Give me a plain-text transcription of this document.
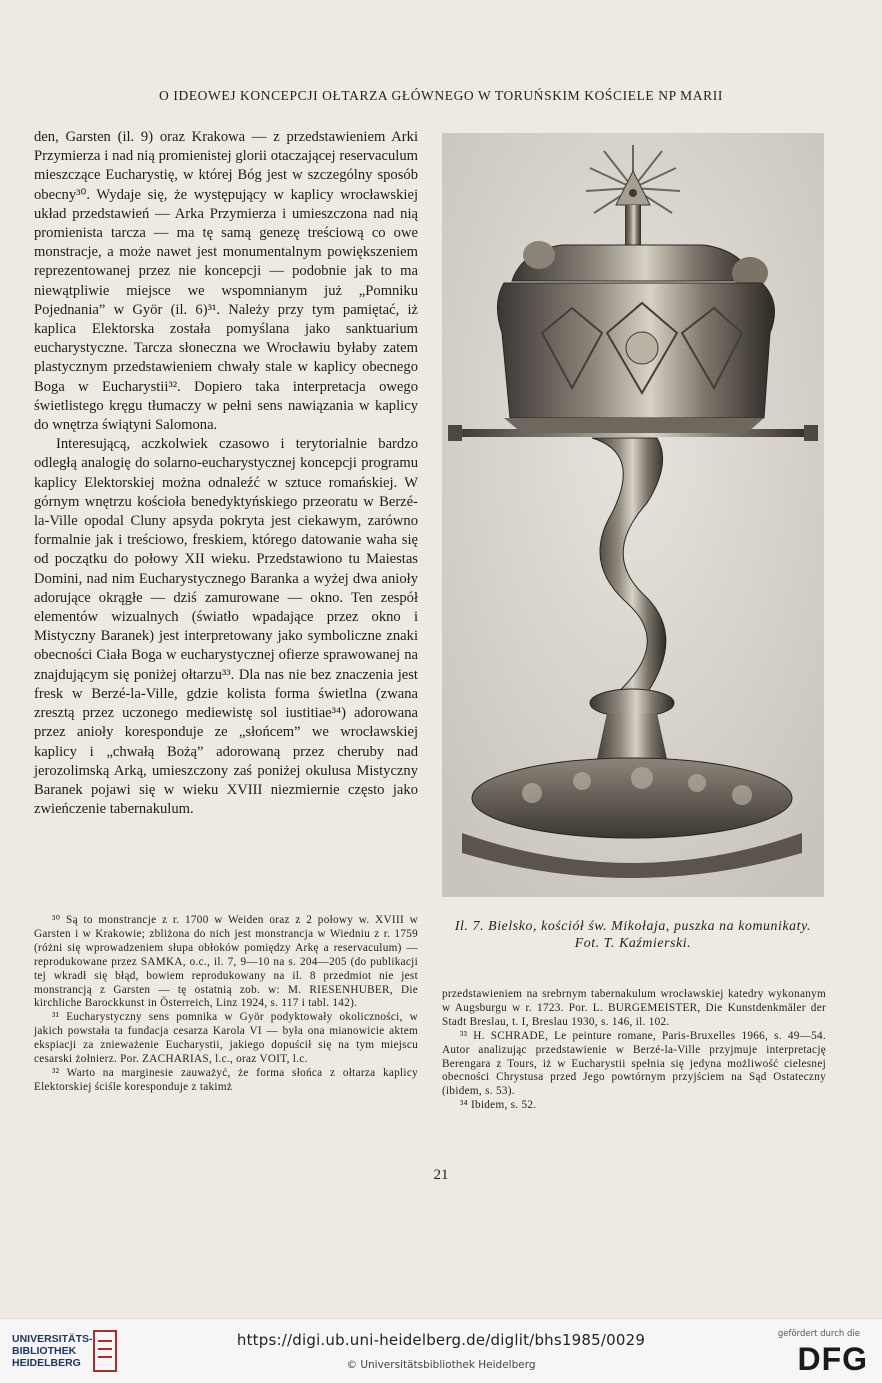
O IDEOWEJ KONCEPCJI OŁTARZA GŁÓWNEGO W TORUŃSKIM KOŚCIELE NP MARII

den, Garsten (il. 9) oraz Krakowa — z przedstawieniem Arki Przymierza i nad nią promienistej glorii otaczającej reservaculum mieszczące Eucharystię, w której Bóg jest w szczególny sposób obecny³⁰. Wydaje się, że występujący w kaplicy wrocławskiej układ przedstawień — Arka Przymierza i umieszczona nad nią promienista tarcza — ma tę samą genezę treściową co owe monstracje, a może nawet jest monumentalnym powiększeniem reprezentowanej przez nie koncepcji — podobnie jak to ma niewątpliwie miejsce we wspomnianym już „Pomniku Pojednania” w Györ (il. 6)³¹. Należy przy tym pamiętać, iż kaplica Elektorska została pomyślana jako sanktuarium eucharystyczne. Tarcza słoneczna we Wrocławiu byłaby zatem plastycznym przedstawieniem chwały stale w kaplicy obecnego Boga w Eucharystii³². Dopiero taka interpretacja owego świetlistego kręgu tłumaczy w pełni sens nawiązania w kaplicy do wnętrza świątyni Salomona.

Interesującą, aczkolwiek czasowo i terytorialnie bardzo odległą analogię do solarno-eucharystycznej koncepcji programu kaplicy Elektorskiej można odnaleźć w sztuce romańskiej. W górnym wnętrzu kościoła benedyktyńskiego przeoratu w Berzé-la-Ville opodal Cluny apsyda pokryta jest ciekawym, zarówno formalnie jak i treściowo, freskiem, którego datowanie waha się od początku do połowy XII wieku. Przedstawiono tu Maiestas Domini, nad nim Eucharystycznego Baranka a wyżej dwa anioły adorujące okrągłe — dziś zamurowane — okno. Ten zespół elementów wizualnych (światło wpadające przez okno i Mistyczny Baranek) jest interpretowany jako symboliczne znaki obecności Ciała Boga w eucharystycznej ofierze sprawowanej na znajdującym się poniżej ołtarzu³³. Dla nas nie bez znaczenia jest fresk w Berzé-la-Ville, gdzie kolista forma świetlna (zwana zresztą przez uczonego mediewistę sol iustitiae³⁴) adorowana przez anioły koresponduje ze „słońcem” we wrocławskiej kaplicy i „chwałą Bożą” adorowaną przez cheruby nad jerozolimską Arką, umieszczony zaś poniżej okulusa Mistyczny Baranek pojawi się w wieku XVIII niezmiernie często jako zwieńczenie tabernakulum.

Il. 7. Bielsko, kościół św. Mikołaja, puszka na komunikaty. Fot. T. Kaźmierski.

³⁰ Są to monstrancje z r. 1700 w Weiden oraz z 2 połowy w. XVIII w Garsten i w Krakowie; zbliżona do nich jest monstrancja w Wiedniu z r. 1759 (różni się wprowadzeniem słupa obłoków pomiędzy Arkę a reservaculum) — reprodukowane przez SAMKA, o.c., il. 7, 9—10 na s. 204—205 (do publikacji tej wkradł się błąd, bowiem reprodukowany na il. 8 przedmiot nie jest monstrancją z Garsten — tę ostatnią zob. w: M. RIESENHUBER, Die kirchliche Barockkunst in Österreich, Linz 1924, s. 117 i tabl. 142).

³¹ Eucharystyczny sens pomnika w Györ podyktowały okoliczności, w jakich powstała ta fundacja cesarza Karola VI — była ona mianowicie aktem ekspiacji za znieważenie Eucharystii, jakiego dopuścił się na tym miejscu cesarski żołnierz. Por. ZACHARIAS, l.c., oraz VOIT, l.c.

³² Warto na marginesie zauważyć, że forma słońca z ołtarza kaplicy Elektorskiej ściśle koresponduje z takimż

przedstawieniem na srebrnym tabernakulum wrocławskiej katedry wykonanym w Augsburgu w r. 1723. Por. L. BURGEMEISTER, Die Kunstdenkmäler der Stadt Breslau, t. I, Breslau 1930, s. 146, il. 102.

³³ H. SCHRADE, Le peinture romane, Paris-Bruxelles 1966, s. 49—54. Autor analizując przedstawienie w Berzé-la-Ville przyjmuje interpretację Berengara z Tours, iż w Eucharystii spełnia się jedyna możliwość cielesnej obecności Chrystusa przed Jego powtórnym przyjściem na Sąd Ostateczny (ibidem, s. 53).

³⁴ Ibidem, s. 52.

21
UNIVERSITÄTS-
BIBLIOTHEK
HEIDELBERG
https://digi.ub.uni-heidelberg.de/diglit/bhs1985/0029
© Universitätsbibliothek Heidelberg
gefördert durch die
DFG
